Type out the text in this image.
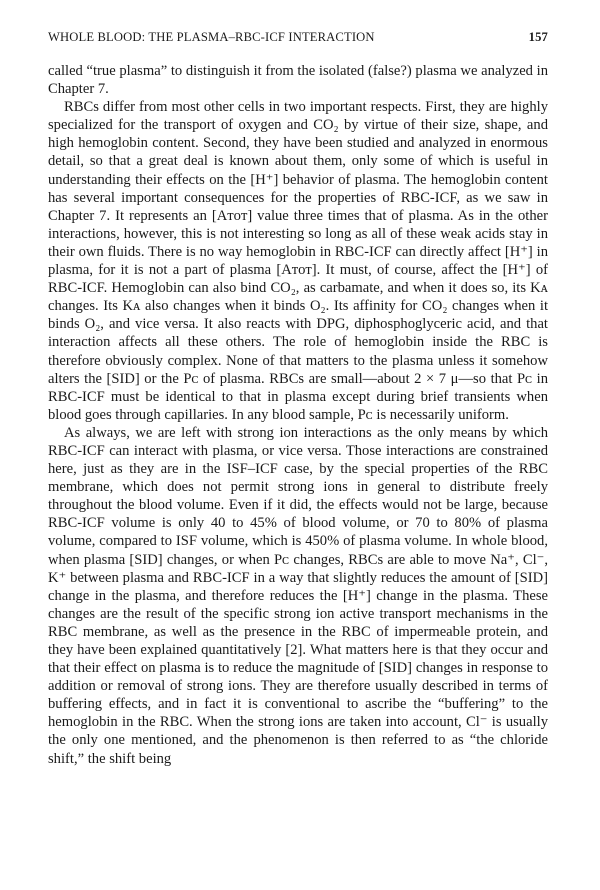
WHOLE BLOOD: THE PLASMA–RBC-ICF INTERACTION	157

called “true plasma” to distinguish it from the isolated (false?) plasma we analyzed in Chapter 7.

RBCs differ from most other cells in two important respects. First, they are highly specialized for the transport of oxygen and CO₂ by virtue of their size, shape, and high hemoglobin content. Second, they have been studied and analyzed in enormous detail, so that a great deal is known about them, only some of which is useful in understanding their effects on the [H⁺] behavior of plasma. The hemoglobin content has several important consequences for the properties of RBC-ICF, as we saw in Chapter 7. It represents an [Aᴛᴏᴛ] value three times that of plasma. As in the other interactions, however, this is not interesting so long as all of these weak acids stay in their own fluids. There is no way hemoglobin in RBC-ICF can directly affect [H⁺] in plasma, for it is not a part of plasma [Aᴛᴏᴛ]. It must, of course, affect the [H⁺] of RBC-ICF. Hemoglobin can also bind CO₂, as carbamate, and when it does so, its Kᴀ changes. Its Kᴀ also changes when it binds O₂. Its affinity for CO₂ changes when it binds O₂, and vice versa. It also reacts with DPG, diphosphoglyceric acid, and that interaction affects all these others. The role of hemoglobin inside the RBC is therefore obviously complex. None of that matters to the plasma unless it somehow alters the [SID] or the Pᴄ of plasma. RBCs are small—about 2 × 7 μ—so that Pᴄ in RBC-ICF must be identical to that in plasma except during brief transients when blood goes through capillaries. In any blood sample, Pᴄ is necessarily uniform.

As always, we are left with strong ion interactions as the only means by which RBC-ICF can interact with plasma, or vice versa. Those interactions are constrained here, just as they are in the ISF–ICF case, by the special properties of the RBC membrane, which does not permit strong ions in general to distribute freely throughout the blood volume. Even if it did, the effects would not be large, because RBC-ICF volume is only 40 to 45% of blood volume, or 70 to 80% of plasma volume, compared to ISF volume, which is 450% of plasma volume. In whole blood, when plasma [SID] changes, or when Pᴄ changes, RBCs are able to move Na⁺, Cl⁻, K⁺ between plasma and RBC-ICF in a way that slightly reduces the amount of [SID] change in the plasma, and therefore reduces the [H⁺] change in the plasma. These changes are the result of the specific strong ion active transport mechanisms in the RBC membrane, as well as the presence in the RBC of impermeable protein, and they have been explained quantitatively [2]. What matters here is that they occur and that their effect on plasma is to reduce the magnitude of [SID] changes in response to addition or removal of strong ions. They are therefore usually described in terms of buffering effects, and in fact it is conventional to ascribe the “buffering” to the hemoglobin in the RBC. When the strong ions are taken into account, Cl⁻ is usually the only one mentioned, and the phenomenon is then referred to as “the chloride shift,” the shift being
